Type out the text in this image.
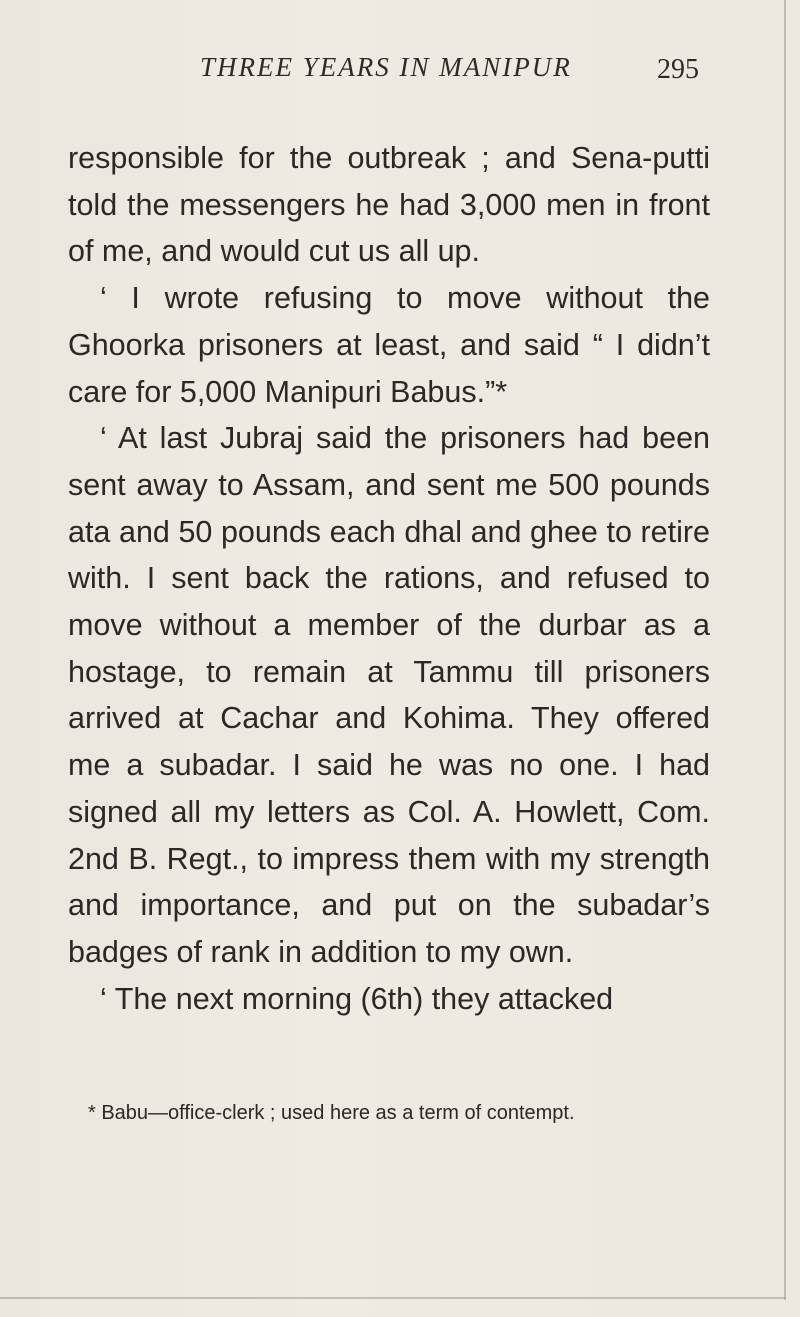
THREE YEARS IN MANIPUR	295

responsible for the outbreak ; and Sena-putti told the messengers he had 3,000 men in front of me, and would cut us all up.

‘ I wrote refusing to move without the Ghoorka prisoners at least, and said “ I didn’t care for 5,000 Manipuri Babus.”*

‘ At last Jubraj said the prisoners had been sent away to Assam, and sent me 500 pounds ata and 50 pounds each dhal and ghee to retire with. I sent back the rations, and refused to move without a member of the durbar as a hostage, to remain at Tammu till prisoners arrived at Cachar and Kohima. They offered me a subadar. I said he was no one. I had signed all my letters as Col. A. Howlett, Com. 2nd B. Regt., to impress them with my strength and importance, and put on the subadar’s badges of rank in addition to my own.

‘ The next morning (6th) they attacked

* Babu—office-clerk ; used here as a term of contempt.
